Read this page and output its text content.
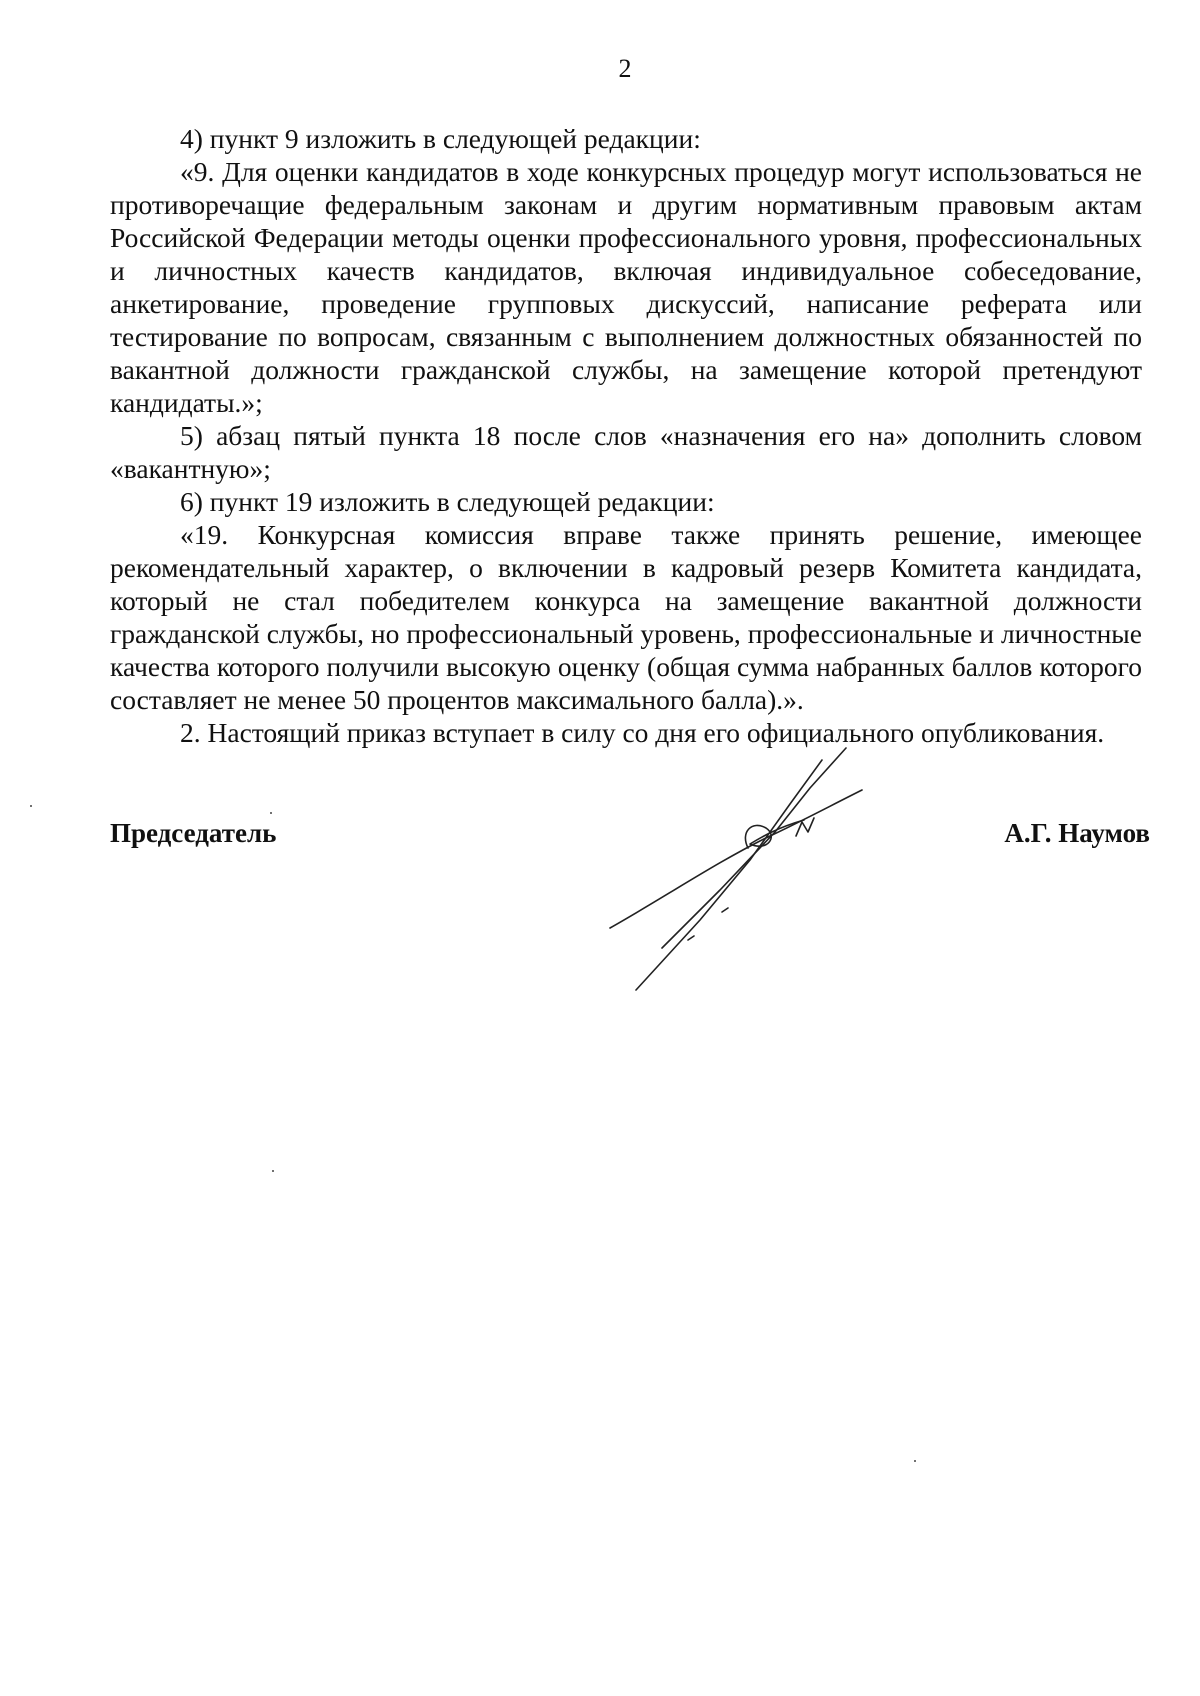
2

4) пункт 9 изложить в следующей редакции:

«9. Для оценки кандидатов в ходе конкурсных процедур могут использоваться не противоречащие федеральным законам и другим нормативным правовым актам Российской Федерации методы оценки профессионального уровня, профессиональных и личностных качеств кандидатов, включая индивидуальное собеседование, анкетирование, проведение групповых дискуссий, написание реферата или тестирование по вопросам, связанным с выполнением должностных обязанностей по вакантной должности гражданской службы, на замещение которой претендуют кандидаты.»;

5) абзац пятый пункта 18 после слов «назначения его на» дополнить словом «вакантную»;

6) пункт 19 изложить в следующей редакции:

«19. Конкурсная комиссия вправе также принять решение, имеющее рекомендательный характер, о включении в кадровый резерв Комитета кандидата, который не стал победителем конкурса на замещение вакантной должности гражданской службы, но профессиональный уровень, профессиональные и личностные качества которого получили высокую оценку (общая сумма набранных баллов которого составляет не менее 50 процентов максимального балла).».

2. Настоящий приказ вступает в силу со дня его официального опубликования.

Председатель	А.Г. Наумов
